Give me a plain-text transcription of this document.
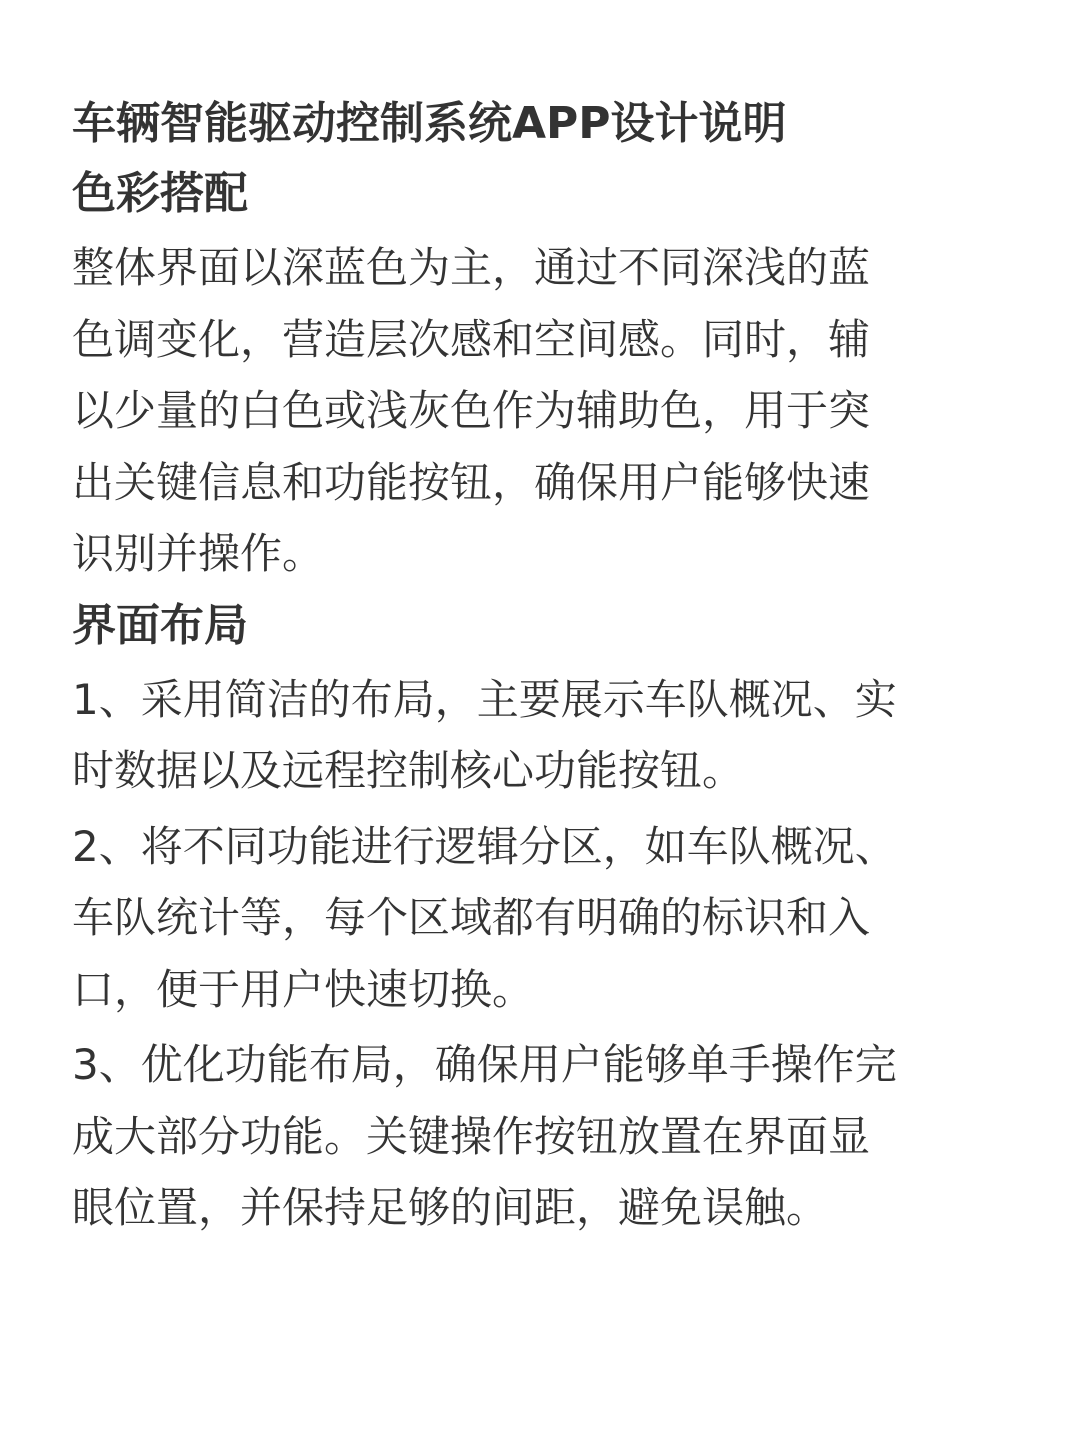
车辆智能驱动控制系统APP设计说明
色彩搭配
整体界面以深蓝色为主，通过不同深浅的蓝
色调变化，营造层次感和空间感。同时，辅
以少量的白色或浅灰色作为辅助色，用于突
出关键信息和功能按钮，确保用户能够快速
识别并操作。
界面布局
1、采用简洁的布局，主要展示车队概况、实
时数据以及远程控制核心功能按钮。
2、将不同功能进行逻辑分区，如车队概况、
车队统计等，每个区域都有明确的标识和入
口，便于用户快速切换。
3、优化功能布局，确保用户能够单手操作完
成大部分功能。关键操作按钮放置在界面显
眼位置，并保持足够的间距，避免误触。
